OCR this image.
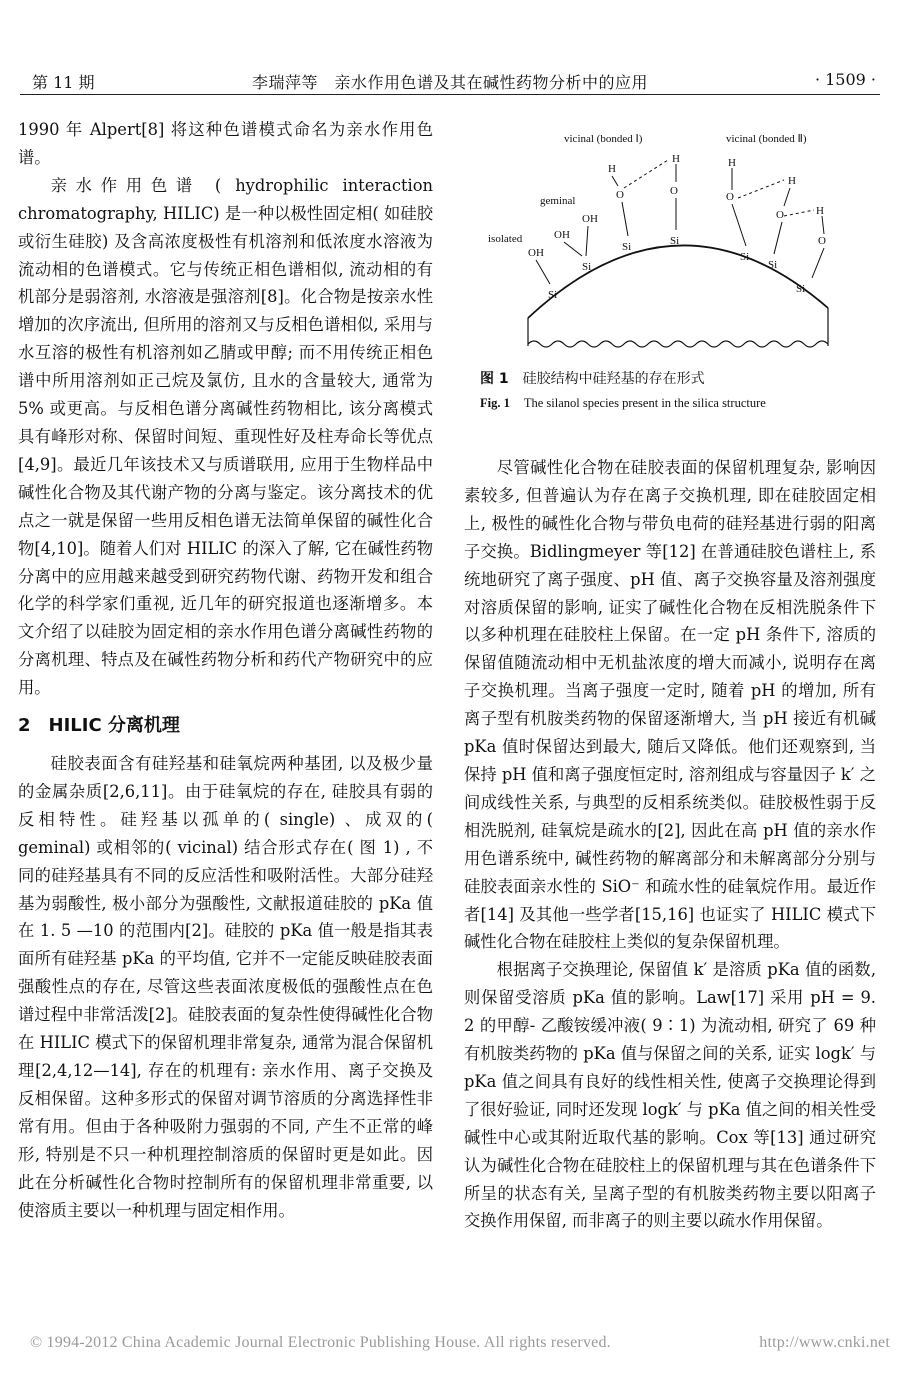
第 11 期	李瑞萍等　亲水作用色谱及其在碱性药物分析中的应用	· 1509 ·

1990 年 Alpert[8] 将这种色谱模式命名为亲水作用色谱。

亲水作用色谱 ( hydrophilic interaction chromatography, HILIC) 是一种以极性固定相( 如硅胶或衍生硅胶) 及含高浓度极性有机溶剂和低浓度水溶液为流动相的色谱模式。它与传统正相色谱相似, 流动相的有机部分是弱溶剂, 水溶液是强溶剂[8]。化合物是按亲水性增加的次序流出, 但所用的溶剂又与反相色谱相似, 采用与水互溶的极性有机溶剂如乙腈或甲醇; 而不用传统正相色谱中所用溶剂如正己烷及氯仿, 且水的含量较大, 通常为 5% 或更高。与反相色谱分离碱性药物相比, 该分离模式具有峰形对称、保留时间短、重现性好及柱寿命长等优点[4,9]。最近几年该技术又与质谱联用, 应用于生物样品中碱性化合物及其代谢产物的分离与鉴定。该分离技术的优点之一就是保留一些用反相色谱无法简单保留的碱性化合物[4,10]。随着人们对 HILIC 的深入了解, 它在碱性药物分离中的应用越来越受到研究药物代谢、药物开发和组合化学的科学家们重视, 近几年的研究报道也逐渐增多。本文介绍了以硅胶为固定相的亲水作用色谱分离碱性药物的分离机理、特点及在碱性药物分析和药代产物研究中的应用。

2　HILIC 分离机理

硅胶表面含有硅羟基和硅氧烷两种基团, 以及极少量的金属杂质[2,6,11]。由于硅氧烷的存在, 硅胶具有弱的反相特性。硅羟基以孤单的( single) 、成双的( geminal) 或相邻的( vicinal) 结合形式存在( 图 1) , 不同的硅羟基具有不同的反应活性和吸附活性。大部分硅羟基为弱酸性, 极小部分为强酸性, 文献报道硅胶的 pKa 值在 1. 5 —10 的范围内[2]。硅胶的 pKa 值一般是指其表面所有硅羟基 pKa 的平均值, 它并不一定能反映硅胶表面强酸性点的存在, 尽管这些表面浓度极低的强酸性点在色谱过程中非常活泼[2]。硅胶表面的复杂性使得碱性化合物在 HILIC 模式下的保留机理非常复杂, 通常为混合保留机理[2,4,12—14], 存在的机理有: 亲水作用、离子交换及反相保留。这种多形式的保留对调节溶质的分离选择性非常有用。但由于各种吸附力强弱的不同, 产生不正常的峰形, 特别是不只一种机理控制溶质的保留时更是如此。因此在分析碱性化合物时控制所有的保留机理非常重要, 以使溶质主要以一种机理与固定相作用。

vicinal (bonded Ⅰ)	vicinal (bonded Ⅱ)
geminal
isolated
OH
Si
OH
OH
Si
H
O
Si
H
O
Si
H
O
Si
H
O
Si
H
O
Si
图 1 硅胶结构中硅羟基的存在形式
Fig. 1 The silanol species present in the silica structure

尽管碱性化合物在硅胶表面的保留机理复杂, 影响因素较多, 但普遍认为存在离子交换机理, 即在硅胶固定相上, 极性的碱性化合物与带负电荷的硅羟基进行弱的阳离子交换。Bidlingmeyer 等[12] 在普通硅胶色谱柱上, 系统地研究了离子强度、pH 值、离子交换容量及溶剂强度对溶质保留的影响, 证实了碱性化合物在反相洗脱条件下以多种机理在硅胶柱上保留。在一定 pH 条件下, 溶质的保留值随流动相中无机盐浓度的增大而减小, 说明存在离子交换机理。当离子强度一定时, 随着 pH 的增加, 所有离子型有机胺类药物的保留逐渐增大, 当 pH 接近有机碱 pKa 值时保留达到最大, 随后又降低。他们还观察到, 当保持 pH 值和离子强度恒定时, 溶剂组成与容量因子 k′ 之间成线性关系, 与典型的反相系统类似。硅胶极性弱于反相洗脱剂, 硅氧烷是疏水的[2], 因此在高 pH 值的亲水作用色谱系统中, 碱性药物的解离部分和未解离部分分别与硅胶表面亲水性的 SiO⁻ 和疏水性的硅氧烷作用。最近作者[14] 及其他一些学者[15,16] 也证实了 HILIC 模式下碱性化合物在硅胶柱上类似的复杂保留机理。

根据离子交换理论, 保留值 k′ 是溶质 pKa 值的函数, 则保留受溶质 pKa 值的影响。Law[17] 采用 pH = 9. 2 的甲醇- 乙酸铵缓冲液( 9∶1) 为流动相, 研究了 69 种有机胺类药物的 pKa 值与保留之间的关系, 证实 logk′ 与 pKa 值之间具有良好的线性相关性, 使离子交换理论得到了很好验证, 同时还发现 logk′ 与 pKa 值之间的相关性受碱性中心或其附近取代基的影响。Cox 等[13] 通过研究认为碱性化合物在硅胶柱上的保留机理与其在色谱条件下所呈的状态有关, 呈离子型的有机胺类药物主要以阳离子交换作用保留, 而非离子的则主要以疏水作用保留。

© 1994-2012 China Academic Journal Electronic Publishing House. All rights reserved.	http://www.cnki.net
